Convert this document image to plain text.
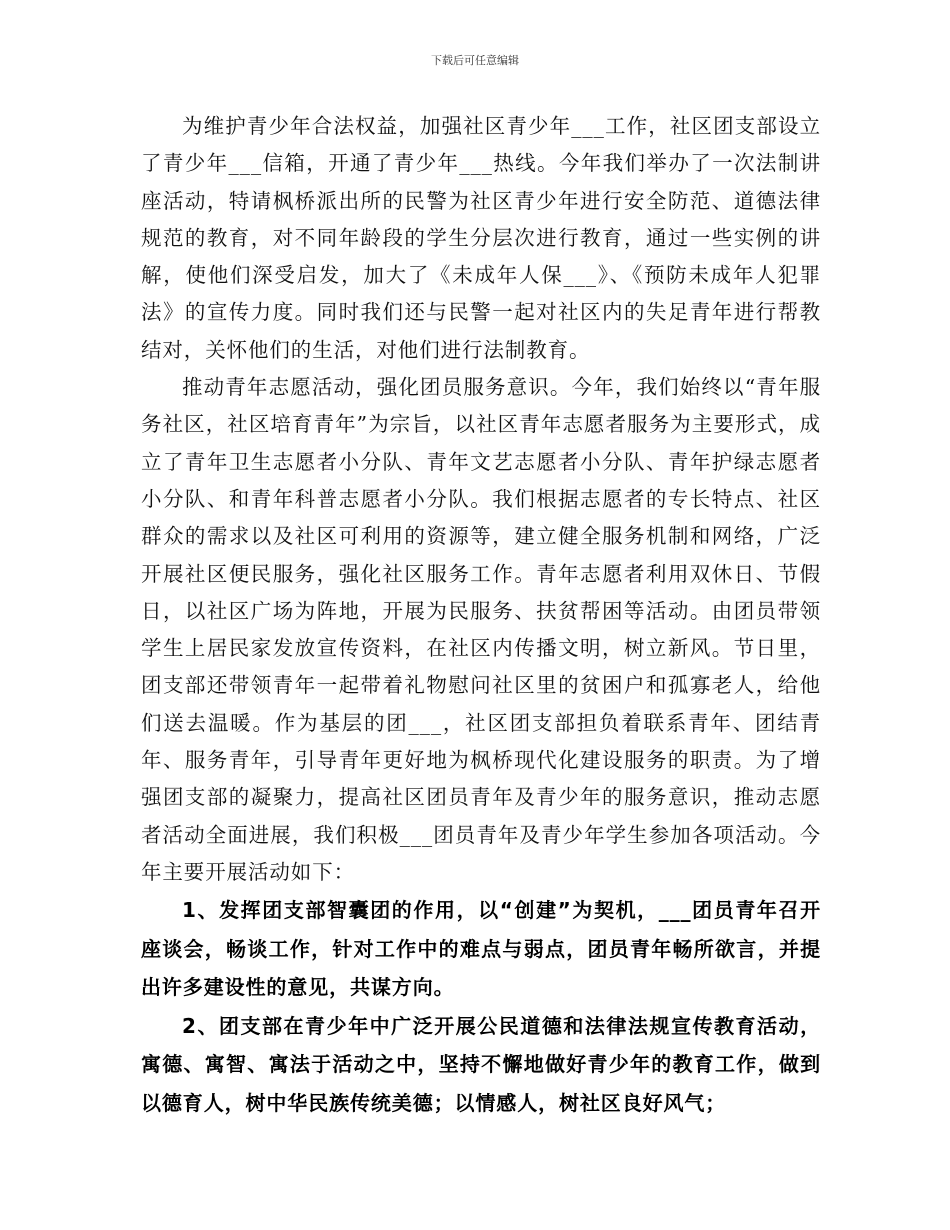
下载后可任意编辑

为维护青少年合法权益，加强社区青少年___工作，社区团支部设立了青少年___信箱，开通了青少年___热线。今年我们举办了一次法制讲座活动，特请枫桥派出所的民警为社区青少年进行安全防范、道德法律规范的教育，对不同年龄段的学生分层次进行教育，通过一些实例的讲解，使他们深受启发，加大了《未成年人保___》、《预防未成年人犯罪法》的宣传力度。同时我们还与民警一起对社区内的失足青年进行帮教结对，关怀他们的生活，对他们进行法制教育。

推动青年志愿活动，强化团员服务意识。今年，我们始终以“青年服务社区，社区培育青年”为宗旨，以社区青年志愿者服务为主要形式，成立了青年卫生志愿者小分队、青年文艺志愿者小分队、青年护绿志愿者小分队、和青年科普志愿者小分队。我们根据志愿者的专长特点、社区群众的需求以及社区可利用的资源等，建立健全服务机制和网络，广泛开展社区便民服务，强化社区服务工作。青年志愿者利用双休日、节假日，以社区广场为阵地，开展为民服务、扶贫帮困等活动。由团员带领学生上居民家发放宣传资料，在社区内传播文明，树立新风。节日里，团支部还带领青年一起带着礼物慰问社区里的贫困户和孤寡老人，给他们送去温暖。作为基层的团___，社区团支部担负着联系青年、团结青年、服务青年，引导青年更好地为枫桥现代化建设服务的职责。为了增强团支部的凝聚力，提高社区团员青年及青少年的服务意识，推动志愿者活动全面进展，我们积极___团员青年及青少年学生参加各项活动。今年主要开展活动如下：

1、发挥团支部智囊团的作用，以“创建”为契机，___团员青年召开座谈会，畅谈工作，针对工作中的难点与弱点，团员青年畅所欲言，并提出许多建设性的意见，共谋方向。

2、团支部在青少年中广泛开展公民道德和法律法规宣传教育活动，寓德、寓智、寓法于活动之中，坚持不懈地做好青少年的教育工作，做到以德育人，树中华民族传统美德；以情感人，树社区良好风气；
